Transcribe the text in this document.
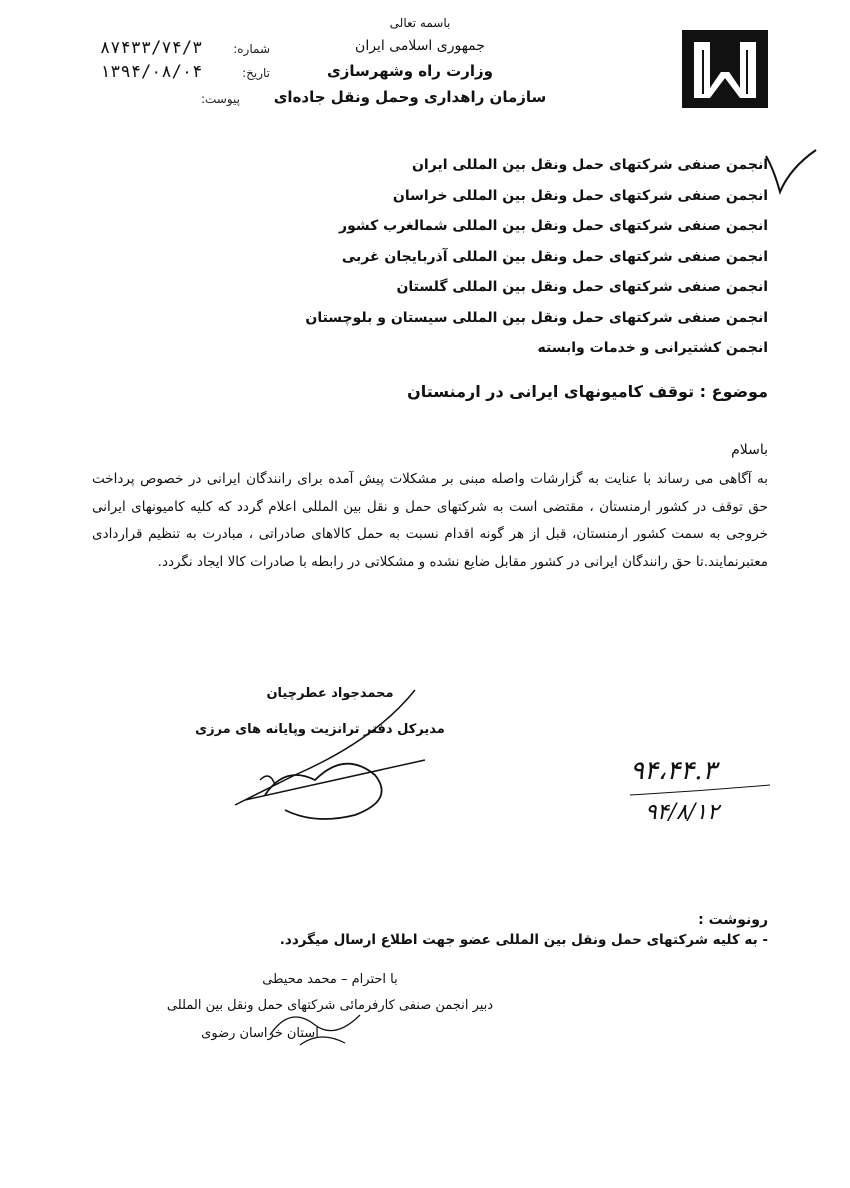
باسمه تعالی
جمهوری اسلامی ایران
وزارت راه وشهرسازی
سازمان راهداری وحمل ونقل جاده‌ای
شماره:
۸۷۴۳۳/۷۴/۳
تاریخ:
۱۳۹۴/۰۸/۰۴
پیوست:
انجمن صنفی شرکتهای حمل ونقل بین المللی ایران
انجمن صنفی شرکتهای حمل ونقل بین المللی خراسان
انجمن صنفی شرکتهای حمل ونقل بین المللی شمالغرب کشور
انجمن صنفی شرکتهای حمل ونقل بین المللی آذربایجان غربی
انجمن صنفی شرکتهای حمل ونقل بین المللی گلستان
انجمن صنفی شرکتهای حمل ونقل بین المللی سیستان و بلوچستان
انجمن کشتیرانی و خدمات وابسته
موضوع : توقف کامیونهای ایرانی در ارمنستان
باسلام
به آگاهی می رساند با عنایت به گزارشات واصله مبنی بر مشکلات پیش آمده برای رانندگان ایرانی در خصوص پرداخت حق توقف در کشور ارمنستان ، مقتضی است به شرکتهای حمل و نقل بین المللی اعلام گردد که کلیه کامیونهای ایرانی خروجی به سمت کشور ارمنستان، قبل از هر گونه اقدام نسبت به حمل کالاهای صادراتی ، مبادرت به تنظیم قراردادی معتبرنمایند.تا حق رانندگان ایرانی در کشور مقابل ضایع نشده و مشکلاتی در رابطه با صادرات کالا ایجاد نگردد.
محمدجواد عطرچیان
مدیرکل دفتر ترانزیت وپایانه های مرزی
۹۴،۴۴.۳
۹۴/۸/۱۲
رونوشت :
- به کلیه شرکتهای حمل ونقل بین المللی عضو جهت اطلاع ارسال میگردد.
با احترام – محمد محیطی
دبیر انجمن صنفی کارفرمائی شرکتهای حمل ونقل بین المللی
استان خراسان رضوی
